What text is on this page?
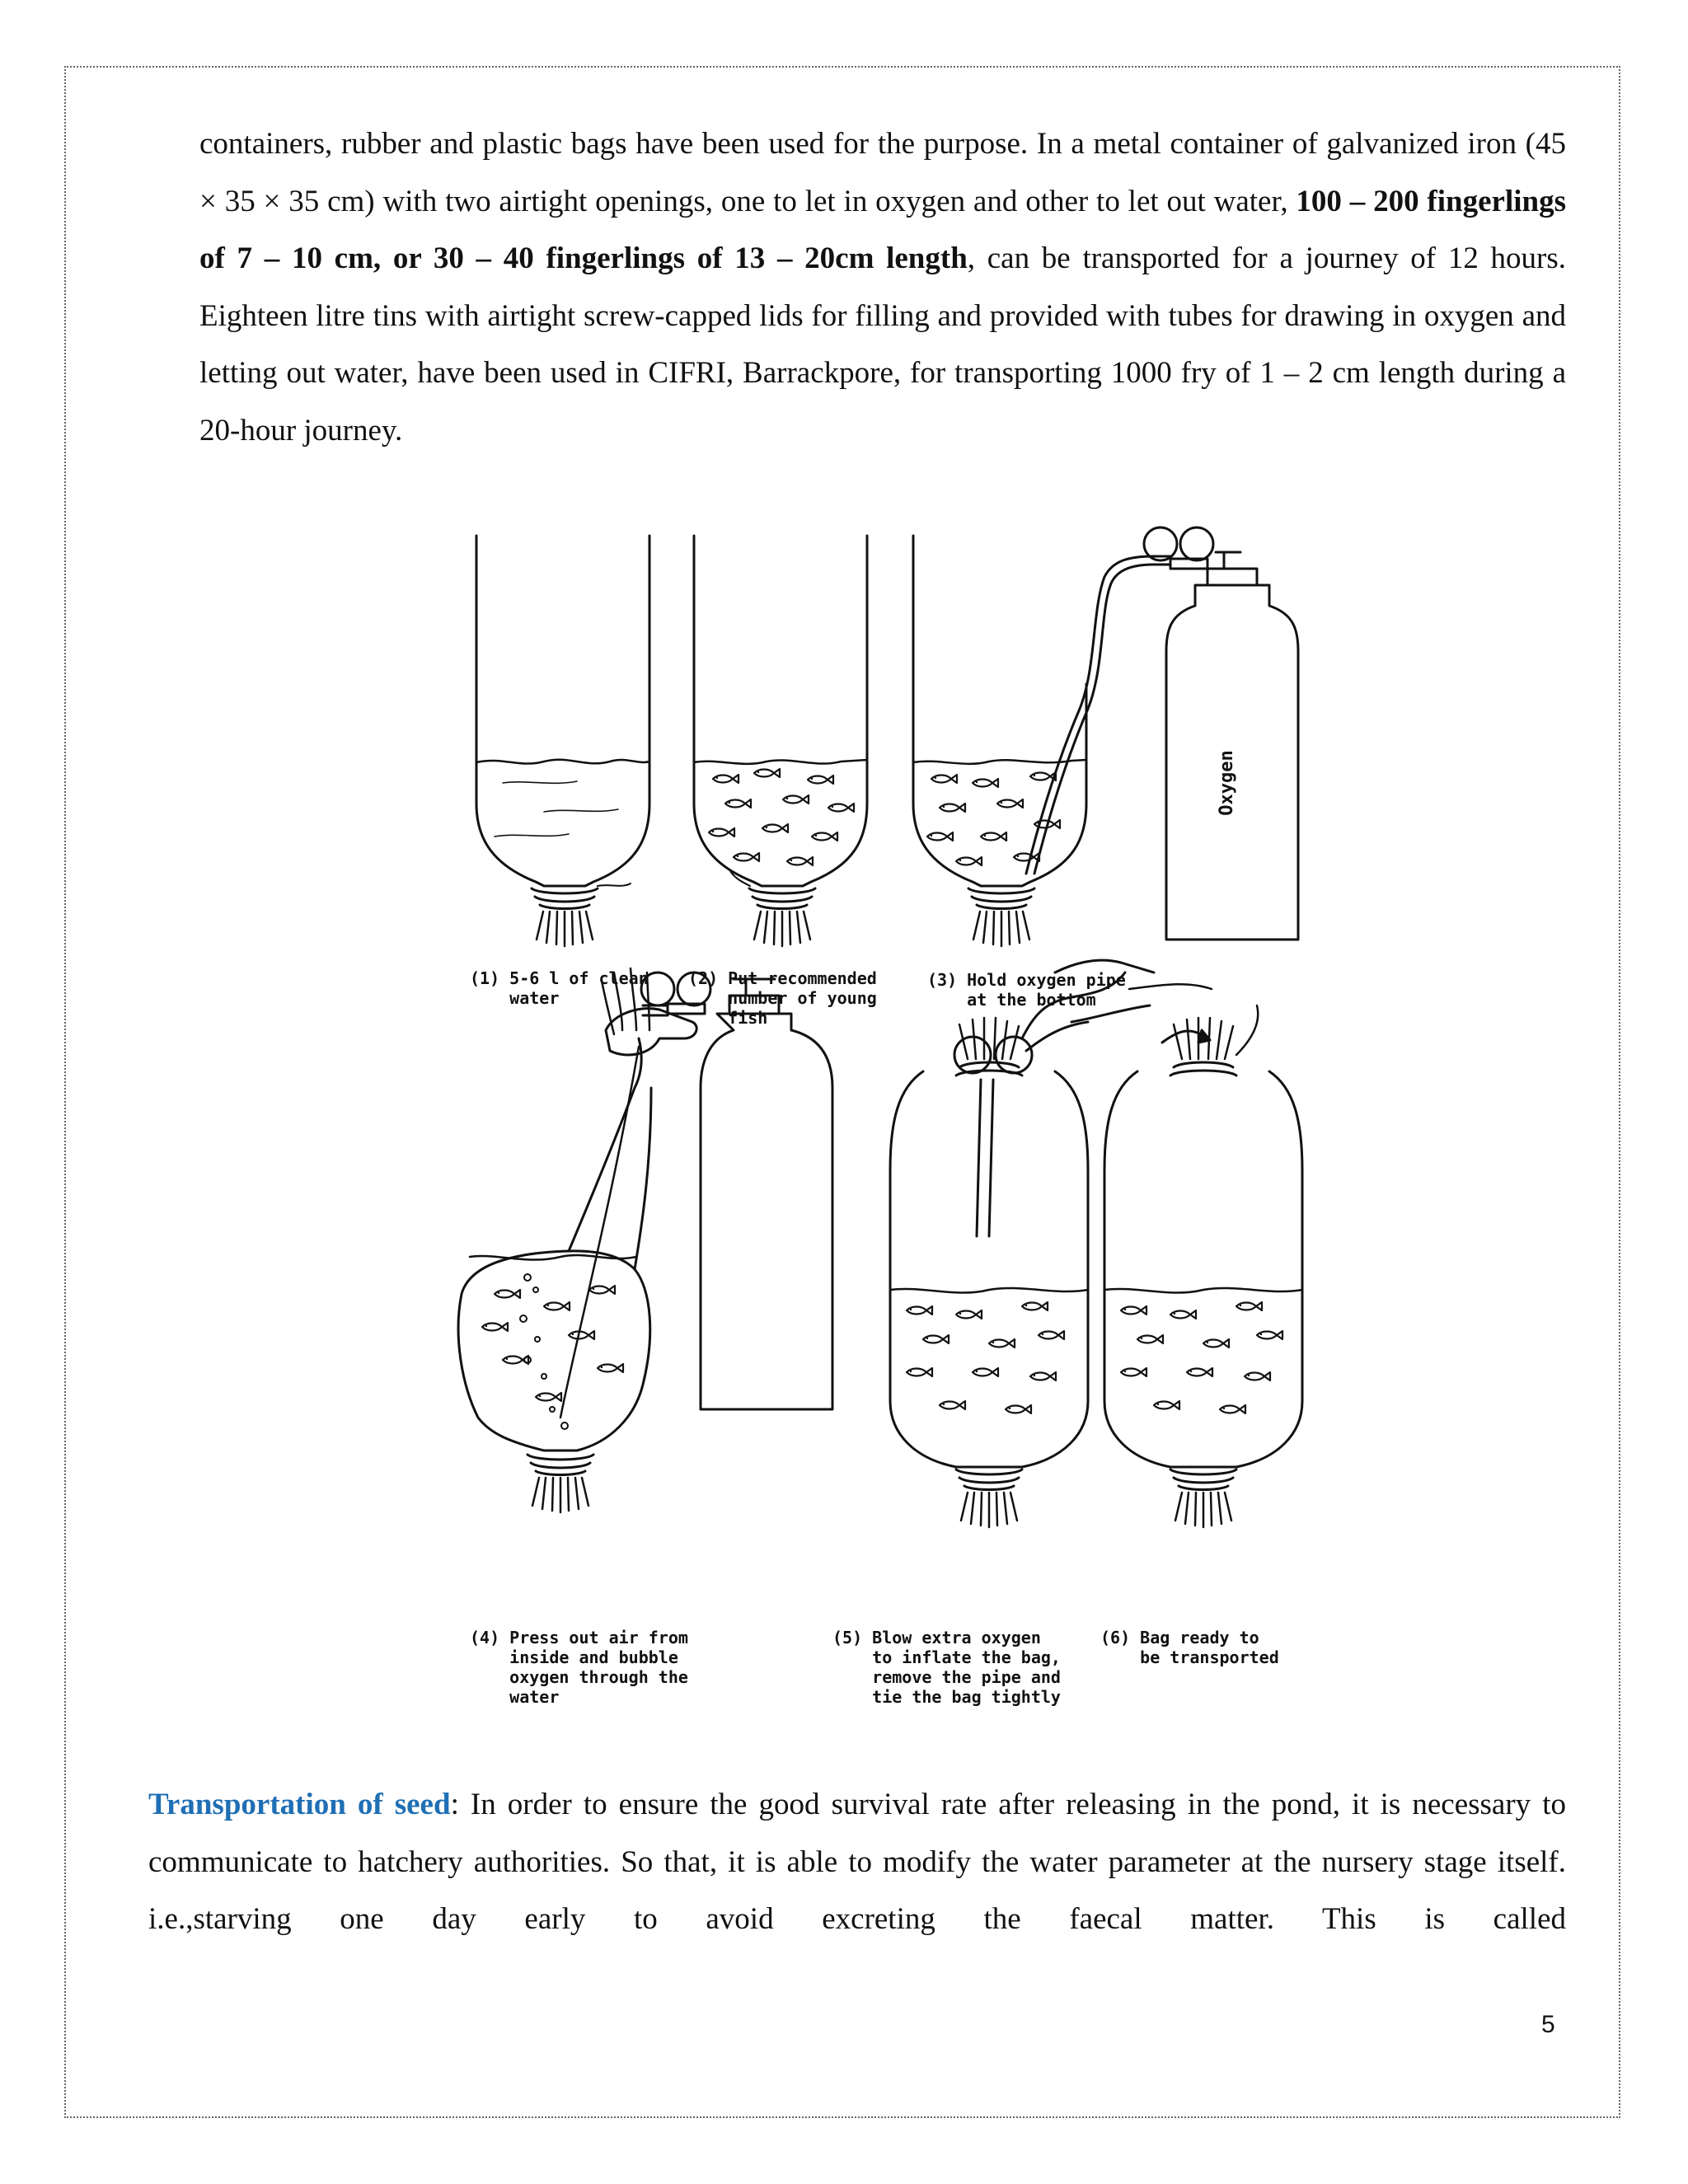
containers, rubber and plastic bags have been used for the purpose. In a metal container of galvanized iron (45 × 35 × 35 cm) with two airtight openings, one to let in oxygen and other to let out water, 100 – 200 fingerlings of 7 – 10 cm, or 30 – 40 fingerlings of 13 – 20cm length, can be transported for a journey of 12 hours. Eighteen litre tins with airtight screw-capped lids for filling and provided with tubes for drawing in oxygen and letting out water, have been used in CIFRI, Barrackpore, for transporting 1000 fry of 1 – 2 cm length during a 20-hour journey.

Oxygen
(1) 5-6 l of clean
water
(2) Put recommended
number of young
fish
(3) Hold oxygen pipe
at the bottom
(4) Press out air from
inside and bubble
oxygen through the
water
(5) Blow extra oxygen
to inflate the bag,
remove the pipe and
tie the bag tightly
(6) Bag ready to
be transported

Transportation of seed: In order to ensure the good survival rate after releasing in the pond, it is necessary to communicate to hatchery authorities. So that, it is able to modify the water parameter at the nursery stage itself. i.e.,starving one day early to avoid excreting the faecal matter. This is called

5
